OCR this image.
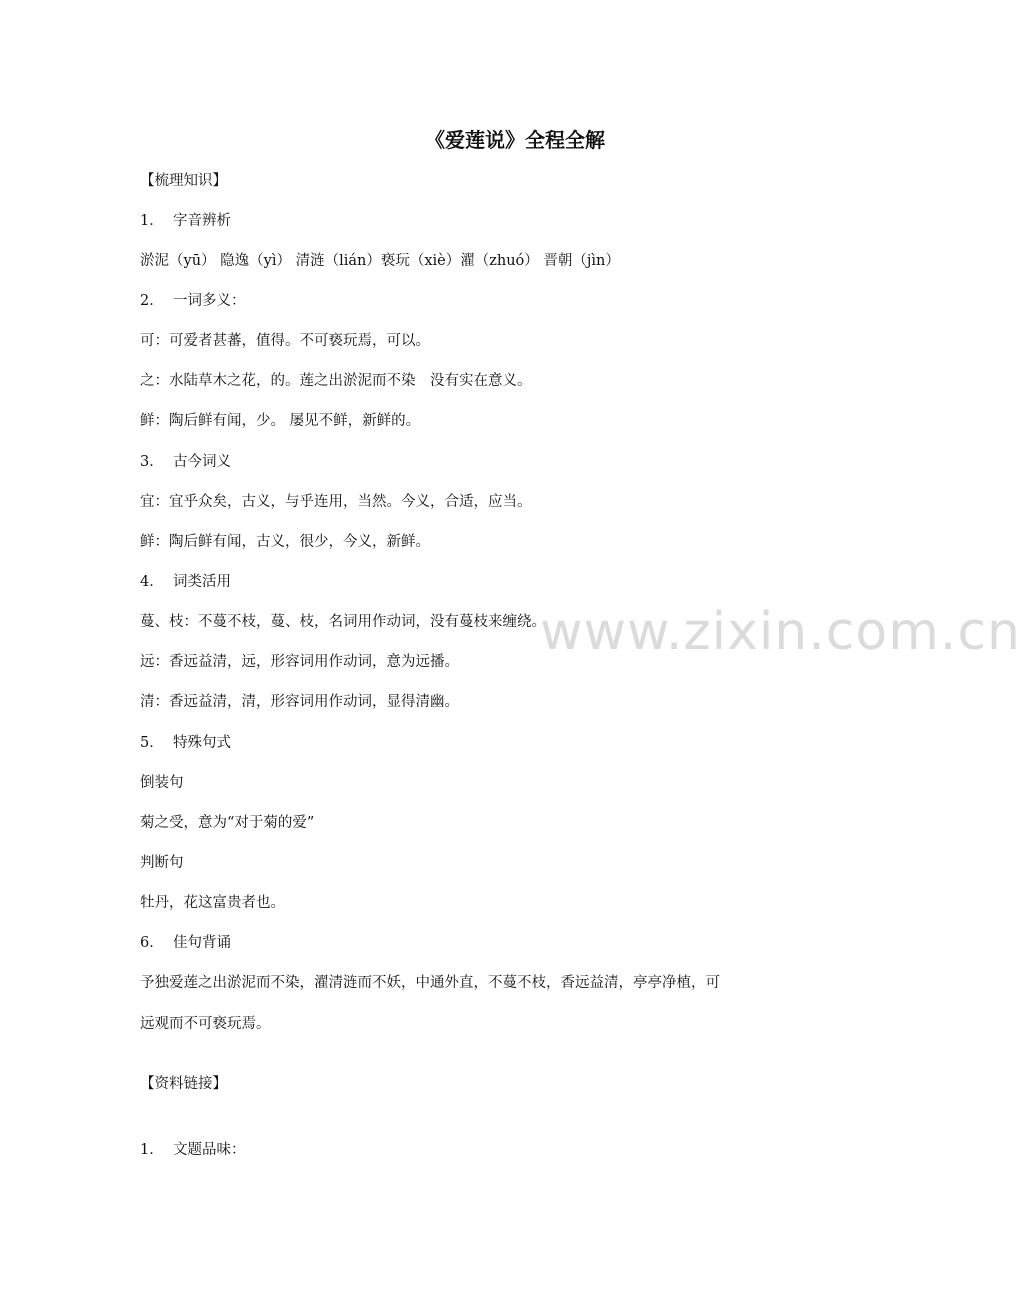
《爱莲说》全程全解
【梳理知识】
1． 字音辨析
淤泥（yū） 隐逸（yì） 清涟（lián）亵玩（xiè）濯（zhuó） 晋朝（jìn）
2． 一词多义：
可：可爱者甚蕃，值得。不可亵玩焉，可以。
之：水陆草木之花，的。莲之出淤泥而不染　没有实在意义。
鲜：陶后鲜有闻，少。 屡见不鲜，新鲜的。
3． 古今词义
宜：宜乎众矣，古义，与乎连用，当然。今义，合适，应当。
鲜：陶后鲜有闻，古义，很少，今义，新鲜。
4． 词类活用
蔓、枝：不蔓不枝，蔓、枝，名词用作动词，没有蔓枝来缠绕。
远：香远益清，远，形容词用作动词，意为远播。
清：香远益清，清，形容词用作动词，显得清幽。
5． 特殊句式
倒装句
菊之受，意为“对于菊的爱”
判断句
牡丹，花这富贵者也。
6． 佳句背诵
予独爱莲之出淤泥而不染，濯清涟而不妖，中通外直，不蔓不枝，香远益清，亭亭净植，可
远观而不可亵玩焉。
【资料链接】
1． 文题品味：
www.zixin.com.cn
